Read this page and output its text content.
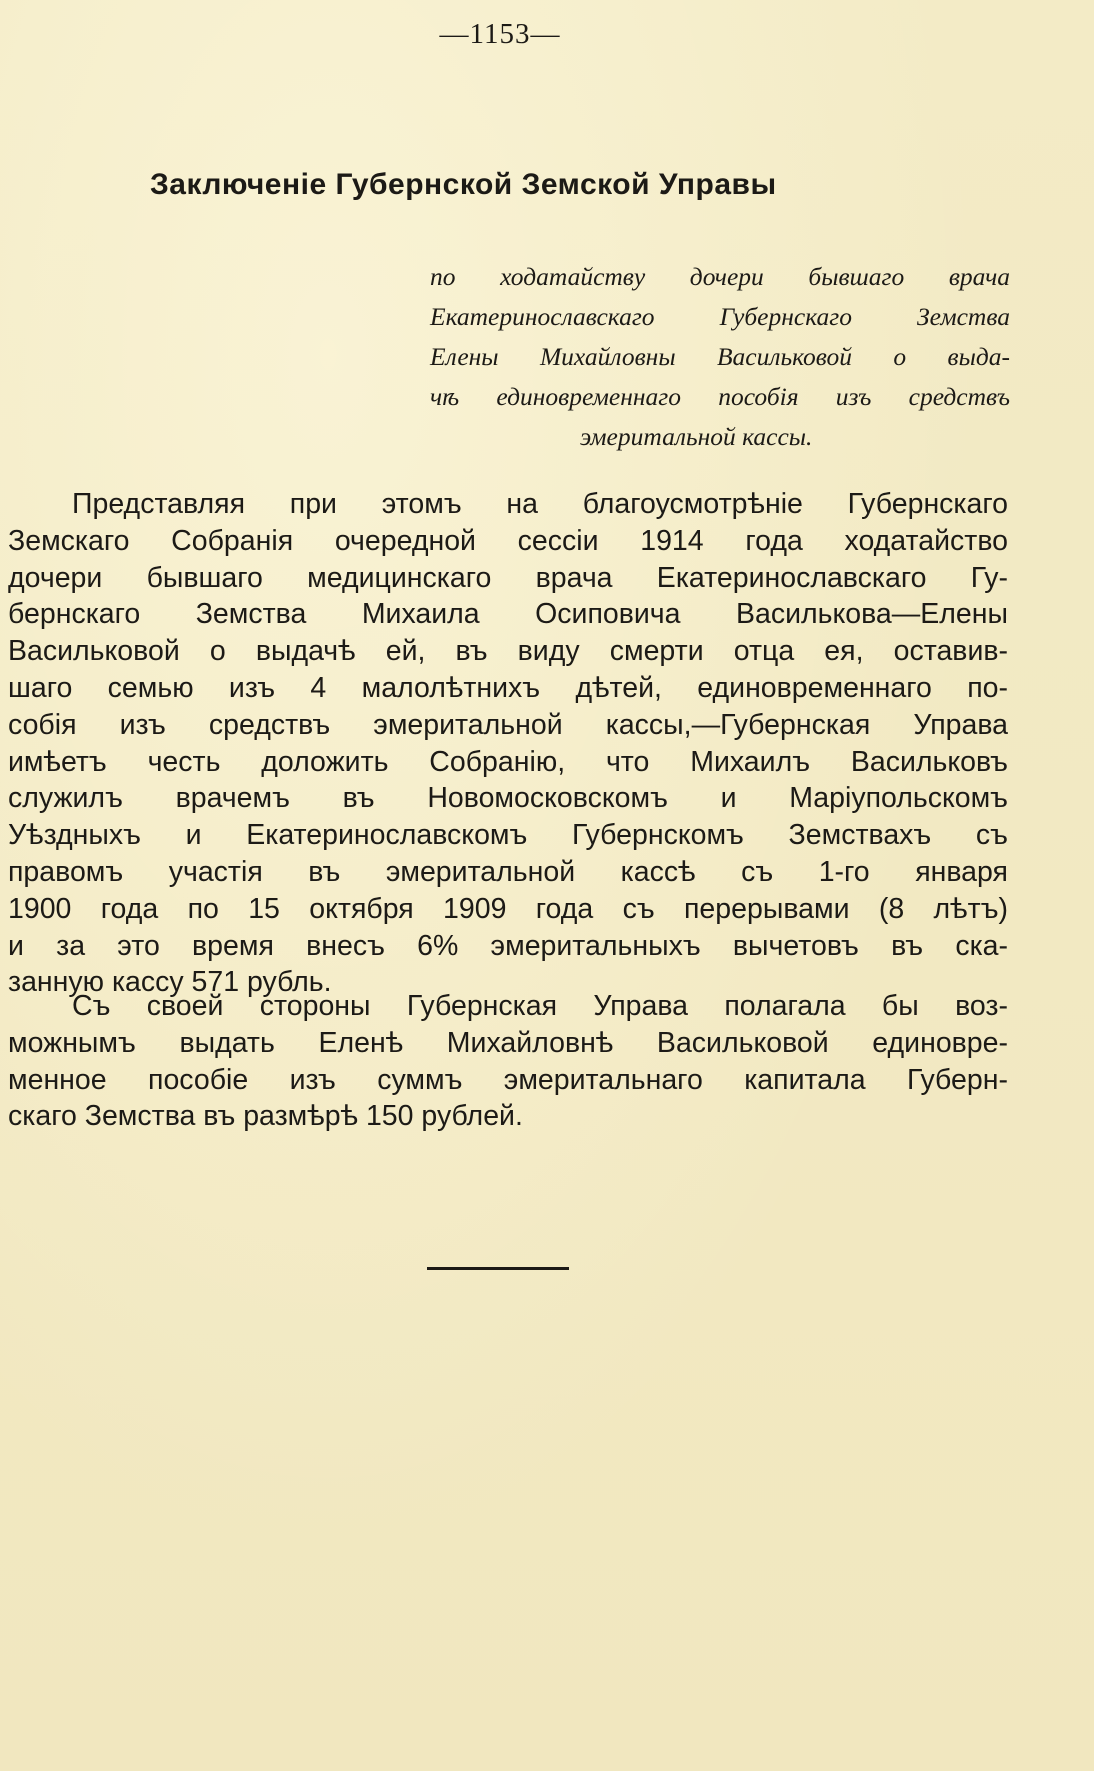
—1153—
Заключеніе Губернской Земской Управы
по ходатайству дочери бывшаго врача
Екатеринославскаго Губернскаго Земства
Елены Михайловны Васильковой о выда-
чѣ единовременнаго пособія изъ средствъ
эмеритальной кассы.
Представляя при этомъ на благоусмотрѣніе Губернскаго
Земскаго Собранія очередной сессіи 1914 года ходатайство
дочери бывшаго медицинскаго врача Екатеринославскаго Гу-
бернскаго Земства Михаила Осиповича Василькова—Елены
Васильковой о выдачѣ ей, въ виду смерти отца ея, оставив-
шаго семью изъ 4 малолѣтнихъ дѣтей, единовременнаго по-
собія изъ средствъ эмеритальной кассы,—Губернская Управа
имѣетъ честь доложить Собранію, что Михаилъ Васильковъ
служилъ врачемъ въ Новомосковскомъ и Маріупольскомъ
Уѣздныхъ и Екатеринославскомъ Губернскомъ Земствахъ съ
правомъ участія въ эмеритальной кассѣ съ 1-го января
1900 года по 15 октября 1909 года съ перерывами (8 лѣтъ)
и за это время внесъ 6% эмеритальныхъ вычетовъ въ ска-
занную кассу 571 рубль.
Съ своей стороны Губернская Управа полагала бы воз-
можнымъ выдать Еленѣ Михайловнѣ Васильковой единовре-
менное пособіе изъ суммъ эмеритальнаго капитала Губерн-
скаго Земства въ размѣрѣ 150 рублей.
